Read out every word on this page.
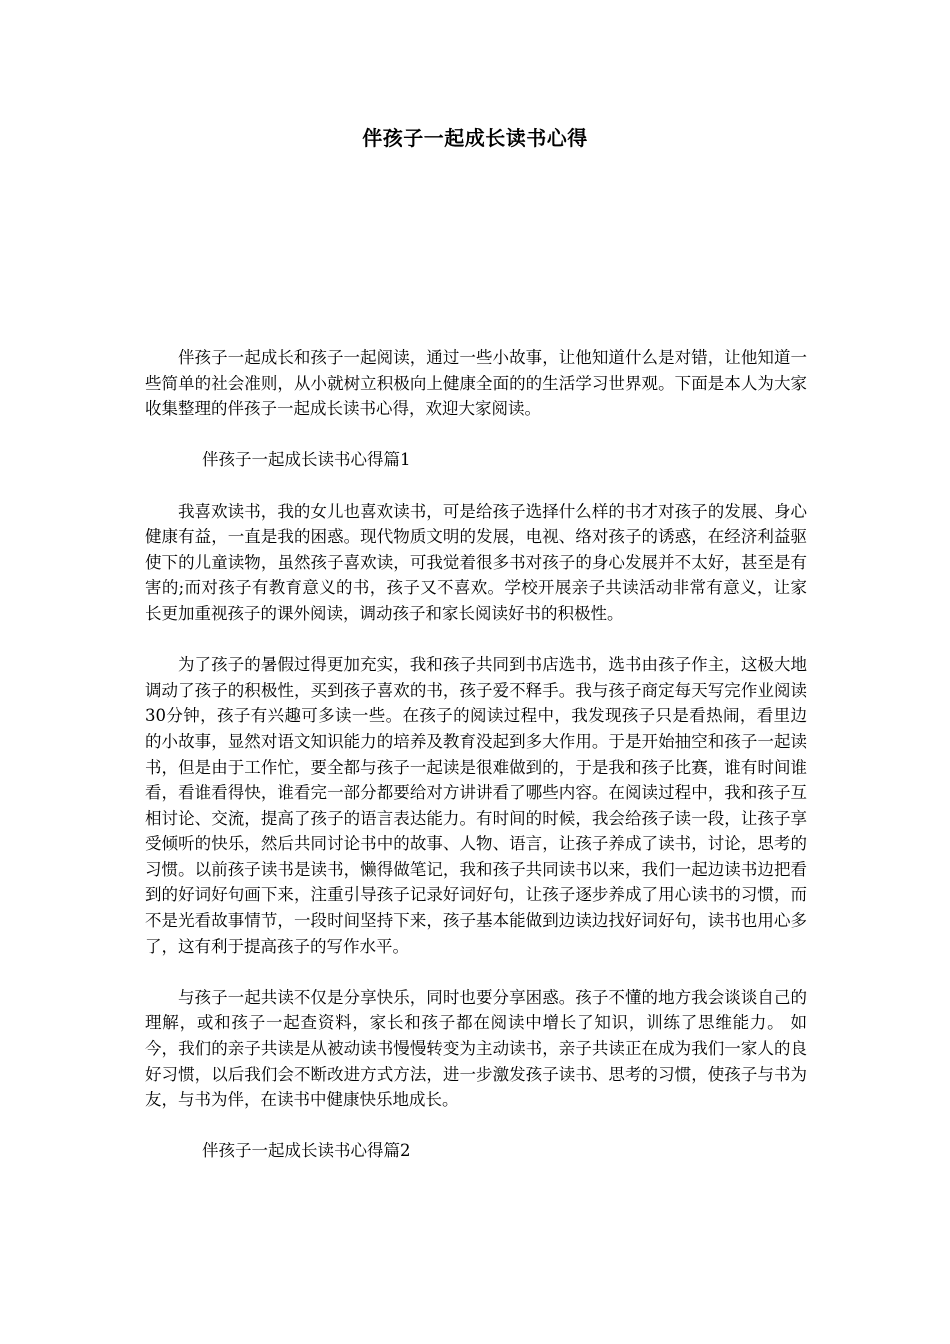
伴孩子一起成长读书心得

伴孩子一起成长和孩子一起阅读，通过一些小故事，让他知道什么是对错，让他知道一些简单的社会准则，从小就树立积极向上健康全面的的生活学习世界观。下面是本人为大家收集整理的伴孩子一起成长读书心得，欢迎大家阅读。

伴孩子一起成长读书心得篇1

我喜欢读书，我的女儿也喜欢读书，可是给孩子选择什么样的书才对孩子的发展、身心健康有益，一直是我的困惑。现代物质文明的发展，电视、络对孩子的诱惑，在经济利益驱使下的儿童读物，虽然孩子喜欢读，可我觉着很多书对孩子的身心发展并不太好，甚至是有害的;而对孩子有教育意义的书，孩子又不喜欢。学校开展亲子共读活动非常有意义，让家长更加重视孩子的课外阅读，调动孩子和家长阅读好书的积极性。

为了孩子的暑假过得更加充实，我和孩子共同到书店选书，选书由孩子作主，这极大地调动了孩子的积极性，买到孩子喜欢的书，孩子爱不释手。我与孩子商定每天写完作业阅读30分钟，孩子有兴趣可多读一些。在孩子的阅读过程中，我发现孩子只是看热闹，看里边的小故事，显然对语文知识能力的培养及教育没起到多大作用。于是开始抽空和孩子一起读书，但是由于工作忙，要全都与孩子一起读是很难做到的，于是我和孩子比赛，谁有时间谁看，看谁看得快，谁看完一部分都要给对方讲讲看了哪些内容。在阅读过程中，我和孩子互相讨论、交流，提高了孩子的语言表达能力。有时间的时候，我会给孩子读一段，让孩子享受倾听的快乐，然后共同讨论书中的故事、人物、语言，让孩子养成了读书，讨论，思考的习惯。以前孩子读书是读书，懒得做笔记，我和孩子共同读书以来，我们一起边读书边把看到的好词好句画下来，注重引导孩子记录好词好句，让孩子逐步养成了用心读书的习惯，而不是光看故事情节，一段时间坚持下来，孩子基本能做到边读边找好词好句，读书也用心多了，这有利于提高孩子的写作水平。

与孩子一起共读不仅是分享快乐，同时也要分享困惑。孩子不懂的地方我会谈谈自己的理解，或和孩子一起查资料，家长和孩子都在阅读中增长了知识，训练了思维能力。 如今，我们的亲子共读是从被动读书慢慢转变为主动读书，亲子共读正在成为我们一家人的良好习惯，以后我们会不断改进方式方法，进一步激发孩子读书、思考的习惯，使孩子与书为友，与书为伴，在读书中健康快乐地成长。

伴孩子一起成长读书心得篇2
